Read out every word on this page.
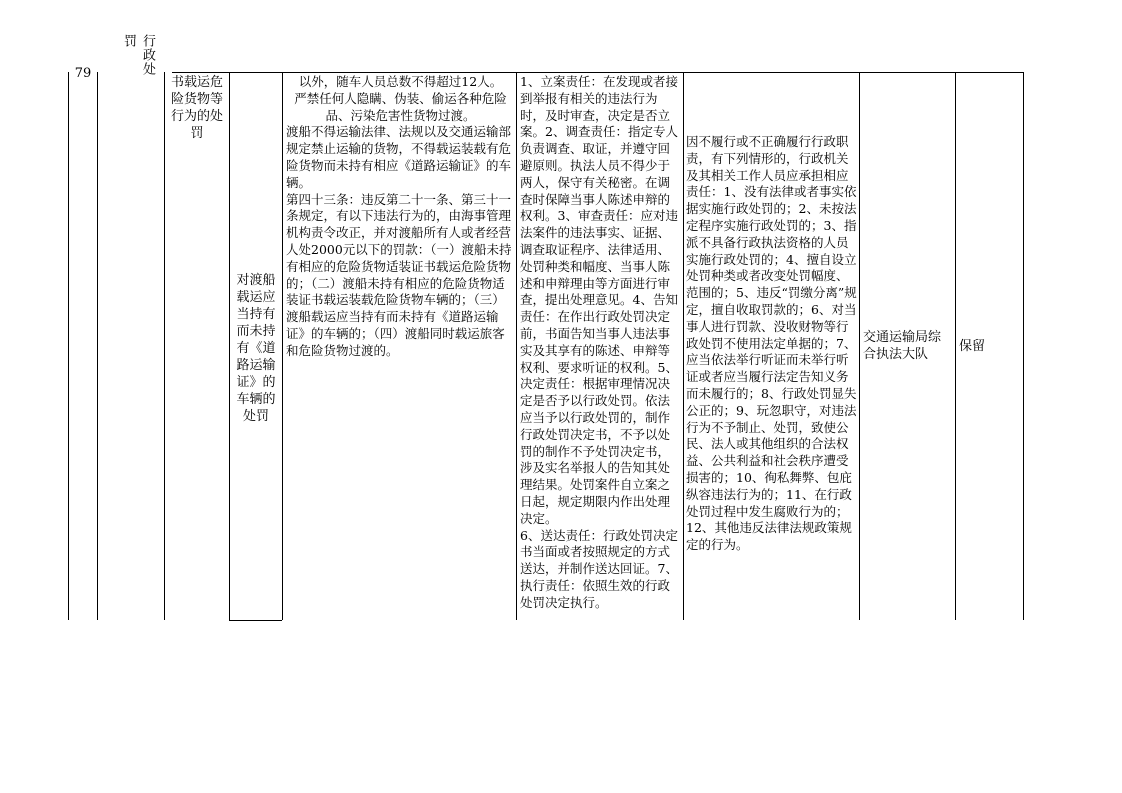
79	行政处罚
书载运危险货物等行为的处罚
对渡船载运应当持有而未持有《道路运输证》的车辆的处罚
以外，随车人员总数不得超过12人。
严禁任何人隐瞒、伪装、偷运各种危险品、污染危害性货物过渡。
渡船不得运输法律、法规以及交通运输部规定禁止运输的货物，不得载运装载有危险货物而未持有相应《道路运输证》的车辆。
第四十三条：违反第二十一条、第三十一条规定，有以下违法行为的，由海事管理机构责令改正，并对渡船所有人或者经营人处2000元以下的罚款：（一）渡船未持有相应的危险货物适装证书载运危险货物的；（二）渡船未持有相应的危险货物适装证书载运装载危险货物车辆的；（三）渡船载运应当持有而未持有《道路运输证》的车辆的；（四）渡船同时载运旅客和危险货物过渡的。
1、立案责任：在发现或者接到举报有相关的违法行为时，及时审查，决定是否立案。2、调查责任：指定专人负责调查、取证，并遵守回避原则。执法人员不得少于两人，保守有关秘密。在调查时保障当事人陈述申辩的权利。3、审查责任：应对违法案件的违法事实、证据、调查取证程序、法律适用、处罚种类和幅度、当事人陈述和申辩理由等方面进行审查，提出处理意见。4、告知责任：在作出行政处罚决定前，书面告知当事人违法事实及其享有的陈述、申辩等权利、要求听证的权利。5、决定责任：根据审理情况决定是否予以行政处罚。依法应当予以行政处罚的，制作行政处罚决定书，不予以处罚的制作不予处罚决定书，涉及实名举报人的告知其处理结果。处罚案件自立案之日起，规定期限内作出处理决定。
6、送达责任：行政处罚决定书当面或者按照规定的方式送达，并制作送达回证。7、执行责任：依照生效的行政处罚决定执行。
因不履行或不正确履行行政职责，有下列情形的，行政机关及其相关工作人员应承担相应责任：1、没有法律或者事实依据实施行政处罚的；2、未按法定程序实施行政处罚的；3、指派不具备行政执法资格的人员实施行政处罚的；4、擅自设立处罚种类或者改变处罚幅度、范围的；5、违反“罚缴分离”规定，擅自收取罚款的；6、对当事人进行罚款、没收财物等行政处罚不使用法定单据的；7、应当依法举行听证而未举行听证或者应当履行法定告知义务而未履行的；8、行政处罚显失公正的；9、玩忽职守，对违法行为不予制止、处罚，致使公民、法人或其他组织的合法权益、公共利益和社会秩序遭受损害的；10、徇私舞弊、包庇纵容违法行为的；11、在行政处罚过程中发生腐败行为的；12、其他违反法律法规政策规定的行为。
交通运输局综合执法大队
保留
